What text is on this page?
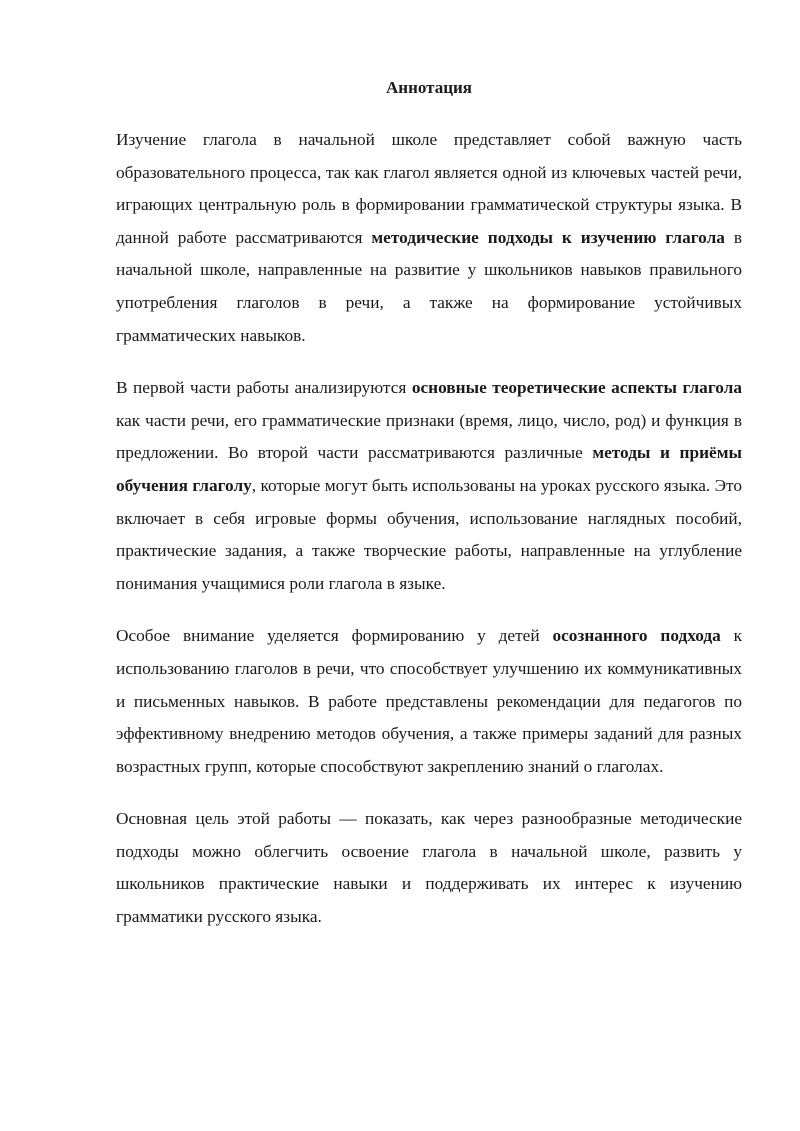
Аннотация

Изучение глагола в начальной школе представляет собой важную часть образовательного процесса, так как глагол является одной из ключевых частей речи, играющих центральную роль в формировании грамматической структуры языка. В данной работе рассматриваются методические подходы к изучению глагола в начальной школе, направленные на развитие у школьников навыков правильного употребления глаголов в речи, а также на формирование устойчивых грамматических навыков.

В первой части работы анализируются основные теоретические аспекты глагола как части речи, его грамматические признаки (время, лицо, число, род) и функция в предложении. Во второй части рассматриваются различные методы и приёмы обучения глаголу, которые могут быть использованы на уроках русского языка. Это включает в себя игровые формы обучения, использование наглядных пособий, практические задания, а также творческие работы, направленные на углубление понимания учащимися роли глагола в языке.

Особое внимание уделяется формированию у детей осознанного подхода к использованию глаголов в речи, что способствует улучшению их коммуникативных и письменных навыков. В работе представлены рекомендации для педагогов по эффективному внедрению методов обучения, а также примеры заданий для разных возрастных групп, которые способствуют закреплению знаний о глаголах.

Основная цель этой работы — показать, как через разнообразные методические подходы можно облегчить освоение глагола в начальной школе, развить у школьников практические навыки и поддерживать их интерес к изучению грамматики русского языка.
